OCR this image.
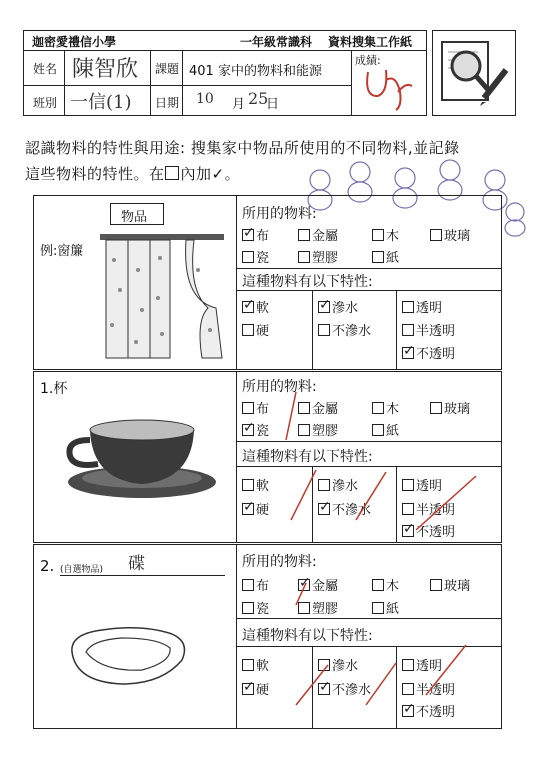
迦密愛禮信小學	一年級常識科 資料搜集工作紙
姓名 陳智欣 課題 401 家中的物料和能源
成績:
班別 一信(1) 日期 10 月 25
日
認識物料的特性與用途: 搜集家中物品所使用的不同物料,並記錄
這些物料的特性。在 內加✓。
物品
例:窗簾
所用的物料:
✓布	金屬	木	玻璃
瓷	塑膠	紙
這種物料有以下特性:
✓軟
硬
✓滲水
不滲水
透明
半透明
✓不透明
1.杯	所用的物料:
布	金屬	木	玻璃
✓瓷	塑膠	紙
這種物料有以下特性:
軟
✓硬
滲水
✓不滲水
透明
半透明
✓不透明
2. (自選物品) 碟	所用的物料:
布
✓	金屬	木	玻璃
瓷	塑膠	紙
這種物料有以下特性:
軟
✓硬
滲水
✓不滲水
透明
半透明
✓不透明
